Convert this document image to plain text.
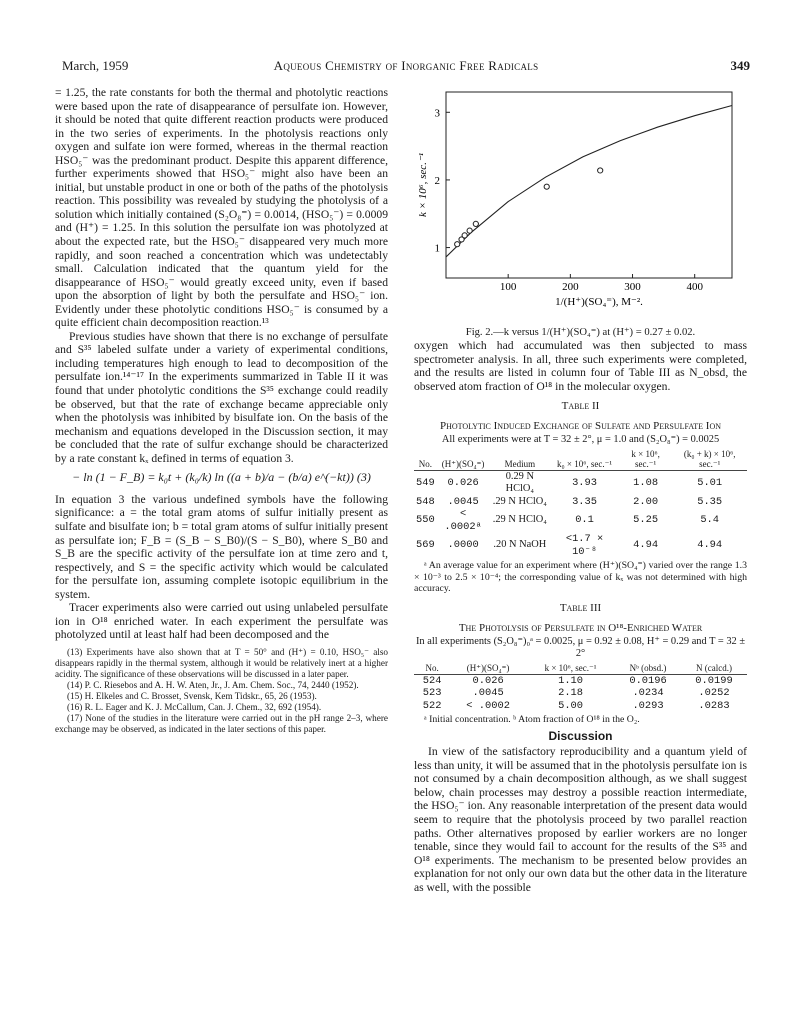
March, 1959	Aqueous Chemistry of Inorganic Free Radicals	349

= 1.25, the rate constants for both the thermal and photolytic reactions were based upon the rate of disappearance of persulfate ion. However, it should be noted that quite different reaction products were produced in the two series of experiments. In the photolysis reactions only oxygen and sulfate ion were formed, whereas in the thermal reaction HSO₅⁻ was the predominant product. Despite this apparent difference, further experiments showed that HSO₅⁻ might also have been an initial, but unstable product in one or both of the paths of the photolysis reaction. This possibility was revealed by studying the photolysis of a solution which initially contained (S₂O₈⁼) = 0.0014, (HSO₅⁻) = 0.0009 and (H⁺) = 1.25. In this solution the persulfate ion was photolyzed at about the expected rate, but the HSO₅⁻ disappeared very much more rapidly, and soon reached a concentration which was undetectably small. Calculation indicated that the quantum yield for the disappearance of HSO₅⁻ would greatly exceed unity, even if based upon the absorption of light by both the persulfate and HSO₅⁻ ion. Evidently under these photolytic conditions HSO₅⁻ is consumed by a quite efficient chain decomposition reaction.¹³

Previous studies have shown that there is no exchange of persulfate and S³⁵ labeled sulfate under a variety of experimental conditions, including temperatures high enough to lead to decomposition of the persulfate ion.¹⁴⁻¹⁷ In the experiments summarized in Table II it was found that under photolytic conditions the S³⁵ exchange could readily be observed, but that the rate of exchange became appreciable only when the photolysis was inhibited by bisulfate ion. On the basis of the mechanism and equations developed in the Discussion section, it may be concluded that the rate of sulfur exchange should be characterized by a rate constant kₓ defined in terms of equation 3.

− ln (1 − F_B) = k₀t + (k₀/k) ln ((a + b)/a − (b/a) e^(−kt)) (3)

In equation 3 the various undefined symbols have the following significance: a = the total gram atoms of sulfur initially present as sulfate and bisulfate ion; b = total gram atoms of sulfur initially present as persulfate ion; F_B = (S_B − S_B0)/(S − S_B0), where S_B0 and S_B are the specific activity of the persulfate ion at time zero and t, respectively, and S = the specific activity which would be calculated for the persulfate ion, assuming complete isotopic equilibrium in the system.

Tracer experiments also were carried out using unlabeled persulfate ion in O¹⁸ enriched water. In each experiment the persulfate was photolyzed until at least half had been decomposed and the

(13) Experiments have also shown that at T = 50° and (H⁺) = 0.10, HSO₅⁻ also disappears rapidly in the thermal system, although it would be relatively inert at a higher acidity. The significance of these observations will be discussed in a later paper.

(14) P. C. Riesebos and A. H. W. Aten, Jr., J. Am. Chem. Soc., 74, 2440 (1952).

(15) H. Elkeles and C. Brosset, Svensk, Kem Tidskr., 65, 26 (1953).

(16) R. L. Eager and K. J. McCallum, Can. J. Chem., 32, 692 (1954).

(17) None of the studies in the literature were carried out in the pH range 2–3, where exchange may be observed, as indicated in the later sections of this paper.

100	200	300	400
1
2
3
k × 10⁶, sec.⁻¹
1/(H⁺)(SO₄⁼), M⁻².

Fig. 2.—k versus 1/(H⁺)(SO₄⁼) at (H⁺) = 0.27 ± 0.02.

oxygen which had accumulated was then subjected to mass spectrometer analysis. In all, three such experiments were completed, and the results are listed in column four of Table III as N_obsd, the observed atom fraction of O¹⁸ in the molecular oxygen.

Table II
Photolytic Induced Exchange of Sulfate and Persulfate Ion
All experiments were at T = 32 ± 2°, μ = 1.0 and (S₂O₈⁼) = 0.0025
No.	(H⁺)(SO₄⁼)	Medium	k₀ × 10⁶, sec.⁻¹	k × 10⁶, sec.⁻¹	(k₀ + k) × 10⁶, sec.⁻¹
549	0.026	0.29 N HClO₄	3.93	1.08	5.01
548	.0045	.29 N HClO₄	3.35	2.00	5.35
550	< .0002ᵃ	.29 N HClO₄	0.1	5.25	5.4
569	.0000	.20 N NaOH	<1.7 × 10⁻⁸	4.94	4.94
ᵃ An average value for an experiment where (H⁺)(SO₄⁼) varied over the range 1.3 × 10⁻³ to 2.5 × 10⁻⁴; the corresponding value of kₓ was not determined with high accuracy.
Table III
The Photolysis of Persulfate in O¹⁸-Enriched Water
In all experiments (S₂O₈⁼)₀ᵃ = 0.0025, μ = 0.92 ± 0.08, H⁺ = 0.29 and T = 32 ± 2°
No.	(H⁺)(SO₄⁼)	k × 10⁶, sec.⁻¹	Nᵇ (obsd.)	N (calcd.)
524	0.026	1.10	0.0196	0.0199
523	.0045	2.18	.0234	.0252
522	< .0002	5.00	.0293	.0283
ᵃ Initial concentration. ᵇ Atom fraction of O¹⁸ in the O₂.
Discussion

In view of the satisfactory reproducibility and a quantum yield of less than unity, it will be assumed that in the photolysis persulfate ion is not consumed by a chain decomposition although, as we shall suggest below, chain processes may destroy a possible reaction intermediate, the HSO₅⁻ ion. Any reasonable interpretation of the present data would seem to require that the photolysis proceed by two parallel reaction paths. Other alternatives proposed by earlier workers are no longer tenable, since they would fail to account for the results of the S³⁵ and O¹⁸ experiments. The mechanism to be presented below provides an explanation for not only our own data but the other data in the literature as well, with the possible
